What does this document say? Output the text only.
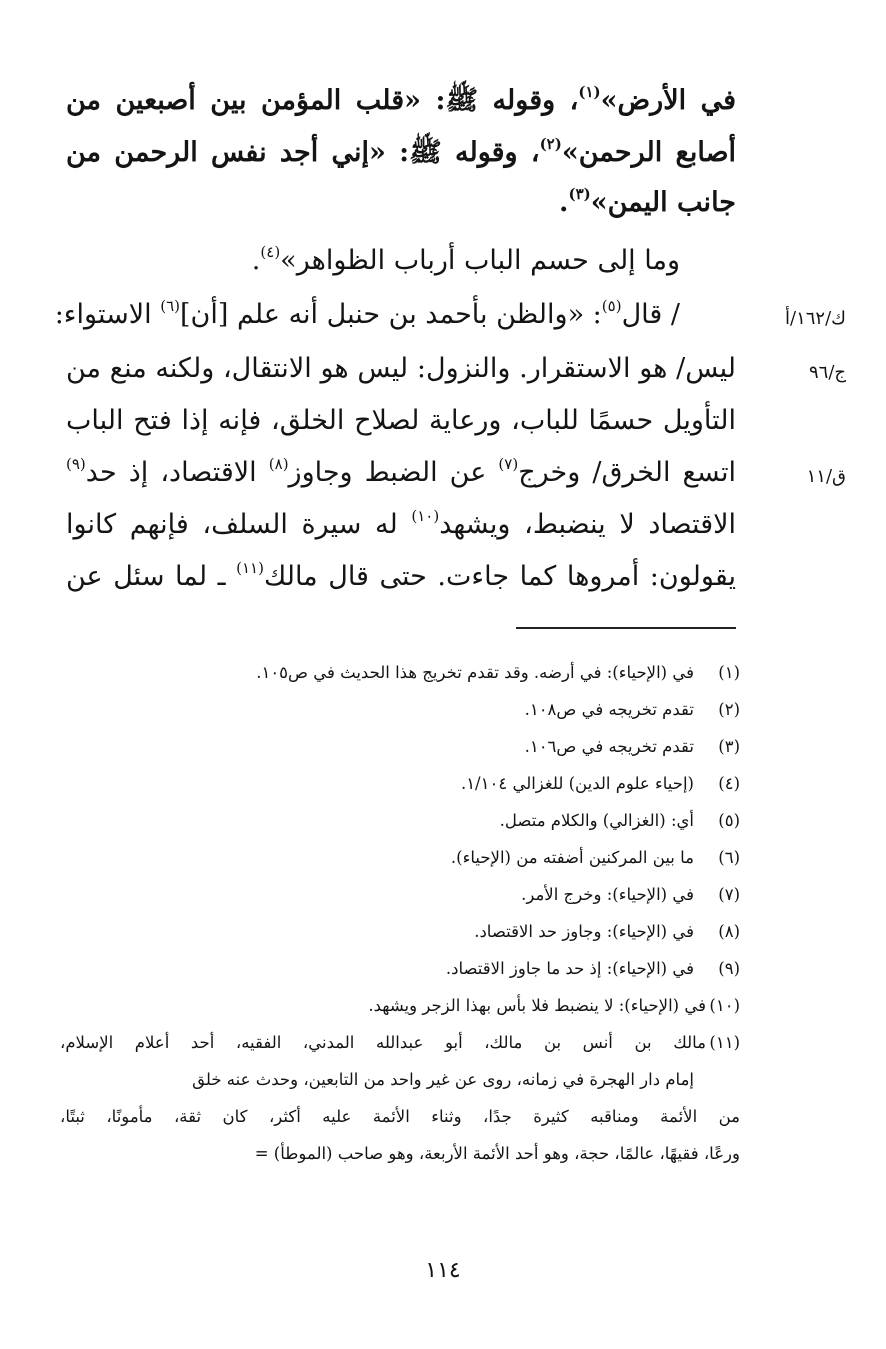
في الأرض»$^{(١)}$، وقوله ﷺ: «قلب المؤمن بين أصبعين من
أصابع الرحمن»$^{(٢)}$، وقوله ﷺ: «إني أجد نفس الرحمن من
جانب اليمن»$^{(٣)}$.
وما إلى حسم الباب أرباب الظواهر»$^{(٤)}$.
/ قال$^{(٥)}$: «والظن بأحمد بن حنبل أنه علم [أن]$^{(٦)}$ الاستواء:
ليس/ هو الاستقرار. والنزول: ليس هو الانتقال، ولكنه منع من
التأويل حسمًا للباب، ورعاية لصلاح الخلق، فإنه إذا فتح الباب
اتسع الخرق/ وخرج$^{(٧)}$ عن الضبط وجاوز$^{(٨)}$ الاقتصاد، إذ حد$^{(٩)}$
الاقتصاد لا ينضبط، ويشهد$^{(١٠)}$ له سيرة السلف، فإنهم كانوا
يقولون: أمروها كما جاءت. حتى قال مالك$^{(١١)}$ ـ لما سئل عن
ك/١٦٢/أ
ج/٩٦
ق/١١
(١)
في (الإحياء): في أرضه. وقد تقدم تخريج هذا الحديث في ص١٠٥.
(٢)
تقدم تخريجه في ص١٠٨.
(٣)
تقدم تخريجه في ص١٠٦.
(٤)
(إحياء علوم الدين) للغزالي ١/١٠٤.
(٥)
أي: (الغزالي) والكلام متصل.
(٦)
ما بين المركنين أضفته من (الإحياء).
(٧)
في (الإحياء): وخرج الأمر.
(٨)
في (الإحياء): وجاوز حد الاقتصاد.
(٩)
في (الإحياء): إذ حد ما جاوز الاقتصاد.
(١٠)
في (الإحياء): لا ينضبط فلا بأس بهذا الزجر ويشهد.
(١١)
مالك بن أنس بن مالك، أبو عبدالله المدني، الفقيه، أحد أعلام الإسلام،
إمام دار الهجرة في زمانه، روى عن غير واحد من التابعين، وحدث عنه خلق
من الأئمة ومناقبه كثيرة جدًا، وثناء الأئمة عليه أكثر، كان ثقة، مأمونًا، ثبتًا،
ورعًا، فقيهًا، عالمًا، حجة، وهو أحد الأئمة الأربعة، وهو صاحب (الموطأ) =
١١٤
